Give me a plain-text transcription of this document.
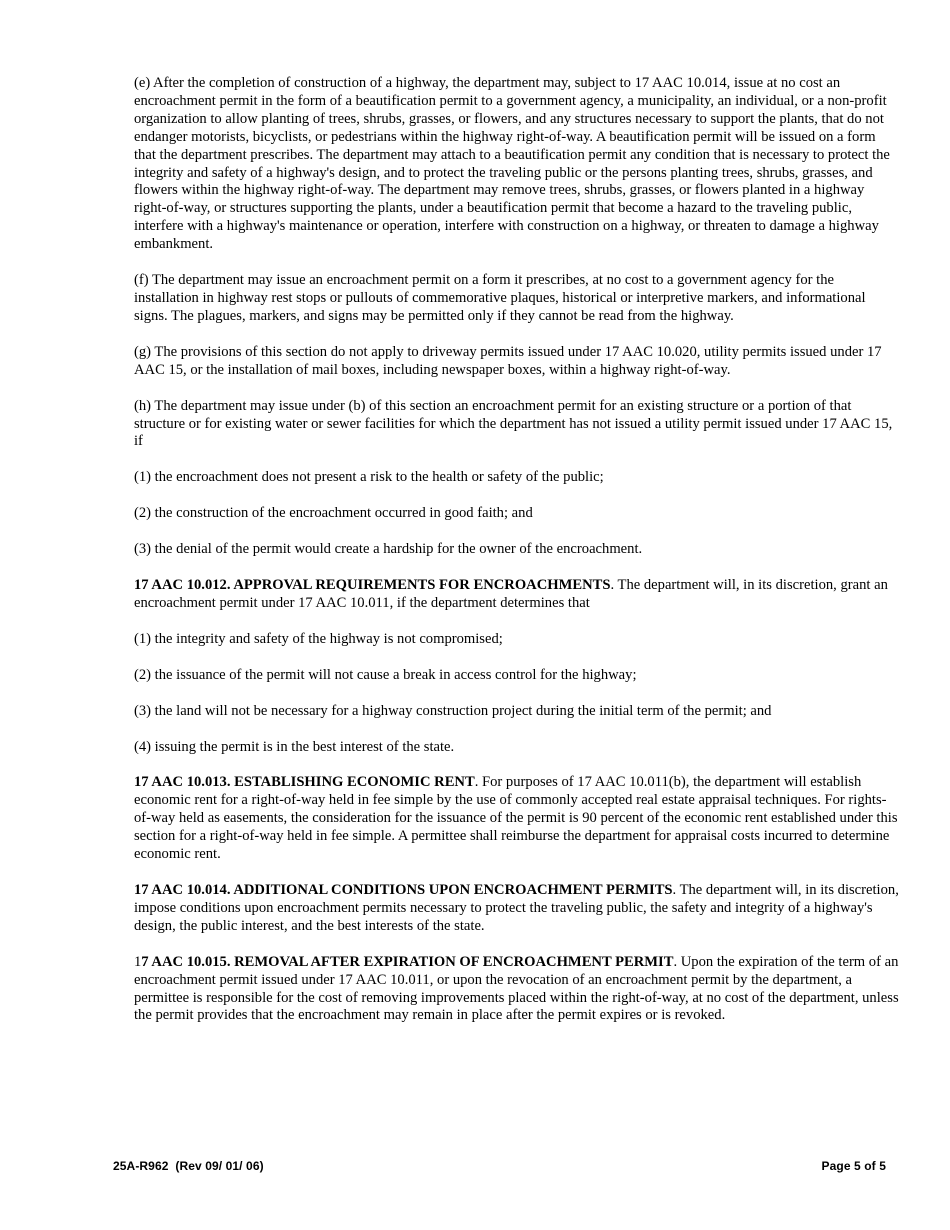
(e) After the completion of construction of a highway, the department may, subject to 17 AAC 10.014, issue at no cost an encroachment permit in the form of a beautification permit to a government agency, a municipality, an individual, or a non-profit organization to allow planting of trees, shrubs, grasses, or flowers, and any structures necessary to support the plants, that do not endanger motorists, bicyclists, or pedestrians within the highway right-of-way. A beautification permit will be issued on a form that the department prescribes. The department may attach to a beautification permit any condition that is necessary to protect the integrity and safety of a highway's design, and to protect the traveling public or the persons planting trees, shrubs, grasses, and flowers within the highway right-of-way. The department may remove trees, shrubs, grasses, or flowers planted in a highway right-of-way, or structures supporting the plants, under a beautification permit that become a hazard to the traveling public, interfere with a highway's maintenance or operation, interfere with construction on a highway, or threaten to damage a highway embankment.

(f) The department may issue an encroachment permit on a form it prescribes, at no cost to a government agency for the installation in highway rest stops or pullouts of commemorative plaques, historical or interpretive markers, and informational signs. The plagues, markers, and signs may be permitted only if they cannot be read from the highway.

(g) The provisions of this section do not apply to driveway permits issued under 17 AAC 10.020, utility permits issued under 17 AAC 15, or the installation of mail boxes, including newspaper boxes, within a highway right-of-way.

(h) The department may issue under (b) of this section an encroachment permit for an existing structure or a portion of that structure or for existing water or sewer facilities for which the department has not issued a utility permit issued under 17 AAC 15, if

(1) the encroachment does not present a risk to the health or safety of the public;

(2) the construction of the encroachment occurred in good faith; and

(3) the denial of the permit would create a hardship for the owner of the encroachment.

17 AAC 10.012. APPROVAL REQUIREMENTS FOR ENCROACHMENTS. The department will, in its discretion, grant an encroachment permit under 17 AAC 10.011, if the department determines that

(1) the integrity and safety of the highway is not compromised;

(2) the issuance of the permit will not cause a break in access control for the highway;

(3) the land will not be necessary for a highway construction project during the initial term of the permit; and

(4) issuing the permit is in the best interest of the state.

17 AAC 10.013. ESTABLISHING ECONOMIC RENT. For purposes of 17 AAC 10.011(b), the department will establish economic rent for a right-of-way held in fee simple by the use of commonly accepted real estate appraisal techniques. For rights-of-way held as easements, the consideration for the issuance of the permit is 90 percent of the economic rent established under this section for a right-of-way held in fee simple. A permittee shall reimburse the department for appraisal costs incurred to determine economic rent.

17 AAC 10.014. ADDITIONAL CONDITIONS UPON ENCROACHMENT PERMITS. The department will, in its discretion, impose conditions upon encroachment permits necessary to protect the traveling public, the safety and integrity of a highway's design, the public interest, and the best interests of the state.

17 AAC 10.015. REMOVAL AFTER EXPIRATION OF ENCROACHMENT PERMIT. Upon the expiration of the term of an encroachment permit issued under 17 AAC 10.011, or upon the revocation of an encroachment permit by the department, a permittee is responsible for the cost of removing improvements placed within the right-of-way, at no cost of the department, unless the permit provides that the encroachment may remain in place after the permit expires or is revoked.

25A-R962  (Rev 09/ 01/ 06)	Page 5 of 5
